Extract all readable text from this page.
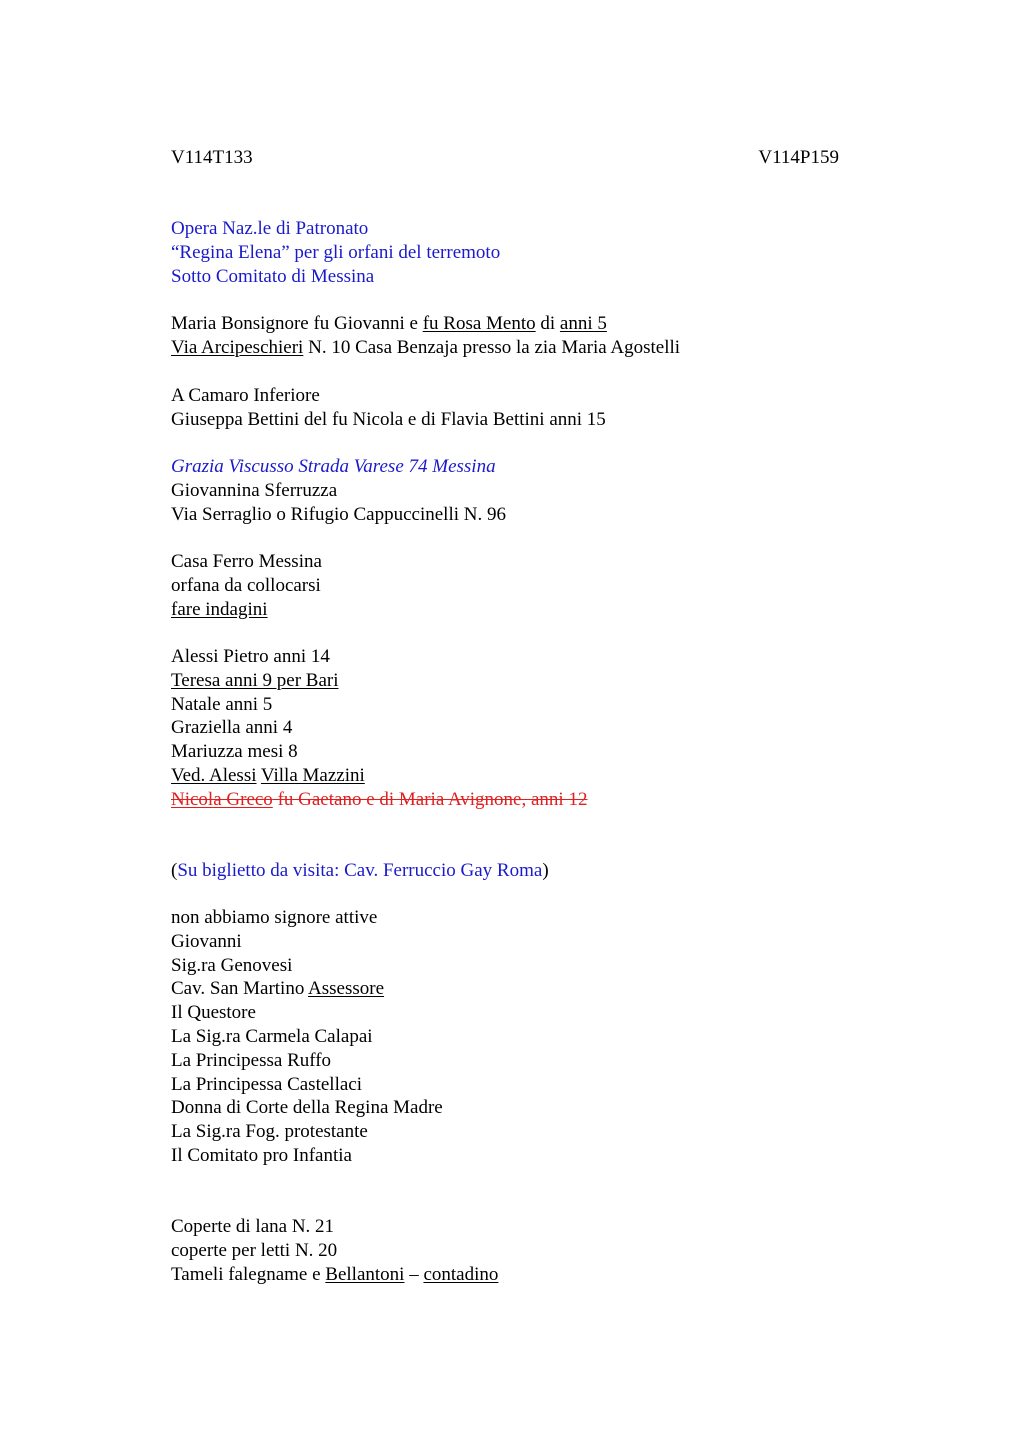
V114T133	V114P159
Opera Naz.le di Patronato
“Regina Elena” per gli orfani del terremoto
Sotto Comitato di Messina
Maria Bonsignore fu Giovanni e fu Rosa Mento di anni 5
Via Arcipeschieri N. 10 Casa Benzaja presso la zia Maria Agostelli
A Camaro Inferiore
Giuseppa Bettini del fu Nicola e di Flavia Bettini anni 15
Grazia Viscusso Strada Varese 74 Messina
Giovannina Sferruzza
Via Serraglio o Rifugio Cappuccinelli N. 96
Casa Ferro Messina
orfana da collocarsi
fare indagini
Alessi Pietro anni 14
Teresa anni 9 per Bari
Natale anni 5
Graziella anni 4
Mariuzza mesi 8
Ved. Alessi Villa Mazzini
Nicola Greco fu Gaetano e di Maria Avignone, anni 12
(Su biglietto da visita: Cav. Ferruccio Gay Roma)
non abbiamo signore attive
Giovanni
Sig.ra Genovesi
Cav. San Martino Assessore
Il Questore
La Sig.ra Carmela Calapai
La Principessa Ruffo
La Principessa Castellaci
Donna di Corte della Regina Madre
La Sig.ra Fog. protestante
Il Comitato pro Infantia
Coperte di lana N. 21
coperte per letti N. 20
Tameli falegname e Bellantoni – contadino
